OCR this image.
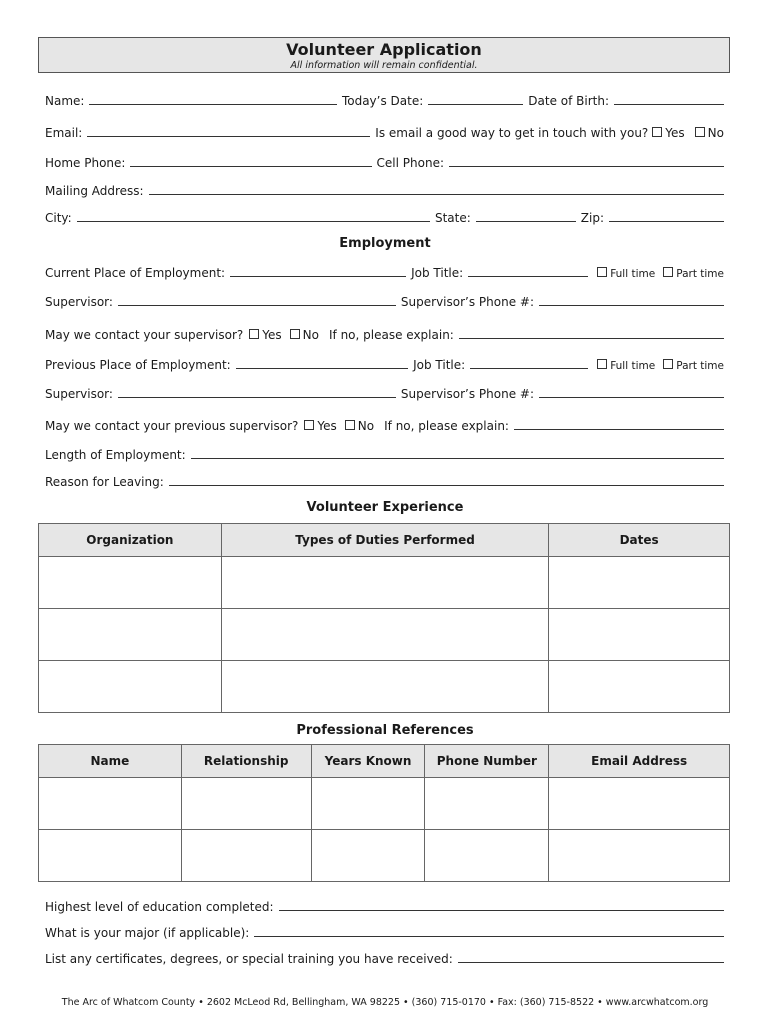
Volunteer Application
All information will remain confidential.
Name:	Today’s Date:	Date of Birth:
Email:	Is email a good way to get in touch with you?	Yes	No
Home Phone:	Cell Phone:
Mailing Address:
City:	State:	Zip:
Employment
Current Place of Employment:	Job Title:	Full time	Part time
Supervisor:	Supervisor’s Phone #:
May we contact your supervisor?	Yes	No If no, please explain:
Previous Place of Employment:	Job Title:	Full time	Part time
Supervisor:	Supervisor’s Phone #:
May we contact your previous supervisor?	Yes	No If no, please explain:
Length of Employment:
Reason for Leaving:
Volunteer Experience
Organization	Types of Duties Performed	Dates

Professional References
Name	Relationship	Years Known	Phone Number	Email Address

Highest level of education completed:
What is your major (if applicable):
List any certificates, degrees, or special training you have received:
The Arc of Whatcom County • 2602 McLeod Rd, Bellingham, WA 98225 • (360) 715-0170 • Fax: (360) 715-8522 • www.arcwhatcom.org
